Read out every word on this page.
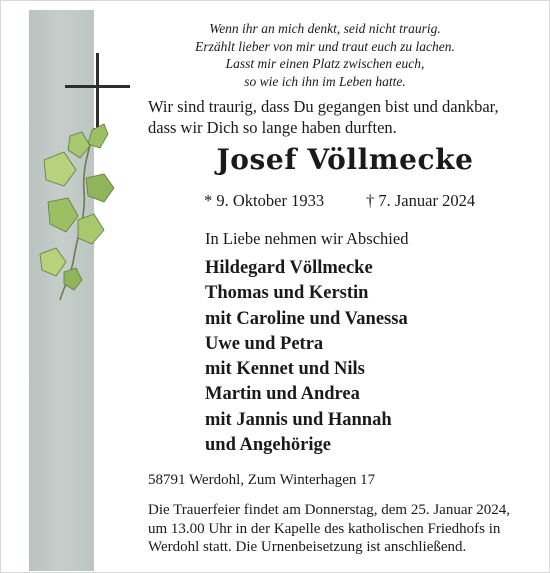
Wenn ihr an mich denkt, seid nicht traurig.
Erzählt lieber von mir und traut euch zu lachen.
Lasst mir einen Platz zwischen euch,
so wie ich ihn im Leben hatte.
Wir sind traurig, dass Du gegangen bist und dankbar,
dass wir Dich so lange haben durften.
Josef Völlmecke
* 9. Oktober 1933	† 7. Januar 2024
In Liebe nehmen wir Abschied
Hildegard Völlmecke
Thomas und Kerstin
mit Caroline und Vanessa
Uwe und Petra
mit Kennet und Nils
Martin und Andrea
mit Jannis und Hannah
und Angehörige
58791 Werdohl, Zum Winterhagen 17
Die Trauerfeier findet am Donnerstag, dem 25. Januar 2024,
um 13.00 Uhr in der Kapelle des katholischen Friedhofs in
Werdohl statt. Die Urnenbeisetzung ist anschließend.
